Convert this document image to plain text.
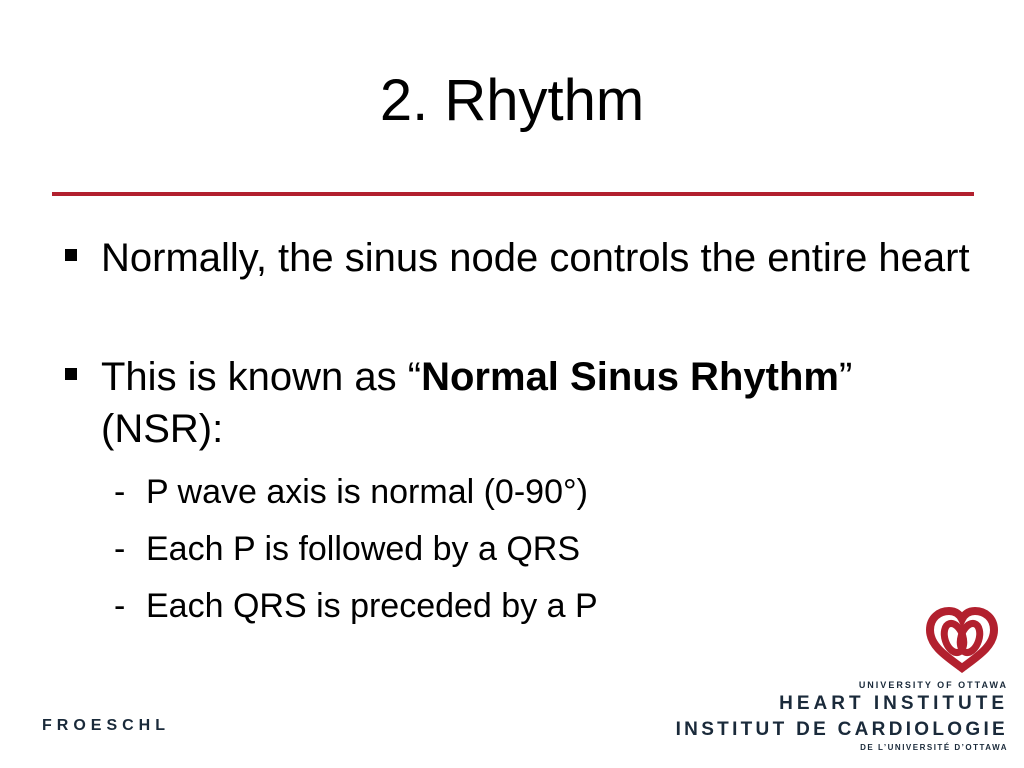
2. Rhythm
Normally, the sinus node controls the entire heart
This is known as “Normal Sinus Rhythm” (NSR):
- P wave axis is normal (0-90°)
- Each P is followed by a QRS
- Each QRS is preceded by a P
FROESCHL
UNIVERSITY OF OTTAWA
HEART INSTITUTE
INSTITUT DE CARDIOLOGIE
DE L’UNIVERSITÉ D’OTTAWA
